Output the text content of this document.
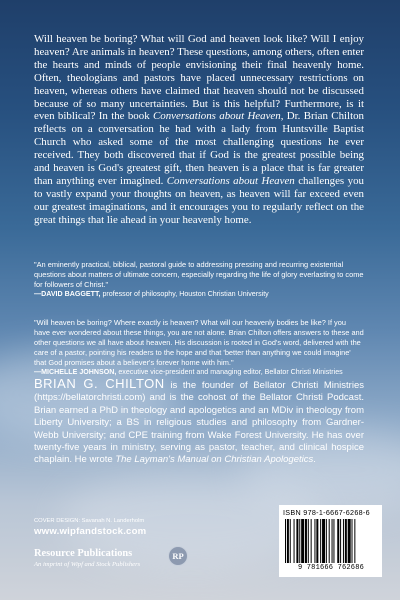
Will heaven be boring? What will God and heaven look like? Will I enjoy heaven? Are animals in heaven? These questions, among others, often enter the hearts and minds of people envisioning their final heavenly home. Often, theologians and pastors have placed unnecessary restrictions on heaven, whereas others have claimed that heaven should not be discussed because of so many uncertainties. But is this helpful? Furthermore, is it even biblical? In the book Conversations about Heaven, Dr. Brian Chilton reflects on a conversation he had with a lady from Huntsville Baptist Church who asked some of the most challenging questions he ever received. They both discovered that if God is the greatest possible being and heaven is God's greatest gift, then heaven is a place that is far greater than anything ever imagined. Conversations about Heaven challenges you to vastly expand your thoughts on heaven, as heaven will far exceed even our greatest imaginations, and it encourages you to regularly reflect on the great things that lie ahead in your heavenly home.
"An eminently practical, biblical, pastoral guide to addressing pressing and recurring existential questions about matters of ultimate concern, especially regarding the life of glory everlasting to come for followers of Christ."
—DAVID BAGGETT, professor of philosophy, Houston Christian University
"Will heaven be boring? Where exactly is heaven? What will our heavenly bodies be like? If you have ever wondered about these things, you are not alone. Brian Chilton offers answers to these and other questions we all have about heaven. His discussion is rooted in God's word, delivered with the care of a pastor, pointing his readers to the hope and that 'better than anything we could imagine' that God promises about a believer's forever home with him."
—MICHELLE JOHNSON, executive vice-president and managing editor, Bellator Christi Ministries
BRIAN G. CHILTON is the founder of Bellator Christi Ministries (https://bellatorchristi.com) and is the cohost of the Bellator Christi Podcast. Brian earned a PhD in theology and apologetics and an MDiv in theology from Liberty University; a BS in religious studies and philosophy from Gardner-Webb University; and CPE training from Wake Forest University. He has over twenty-five years in ministry, serving as pastor, teacher, and clinical hospice chaplain. He wrote The Layman's Manual on Christian Apologetics.
COVER DESIGN: Savanah N. Landerholm
www.wipfandstock.com
Resource Publications
An imprint of Wipf and Stock Publishers
RP
ISBN 978-1-6667-6268-6
9 781666 762686
